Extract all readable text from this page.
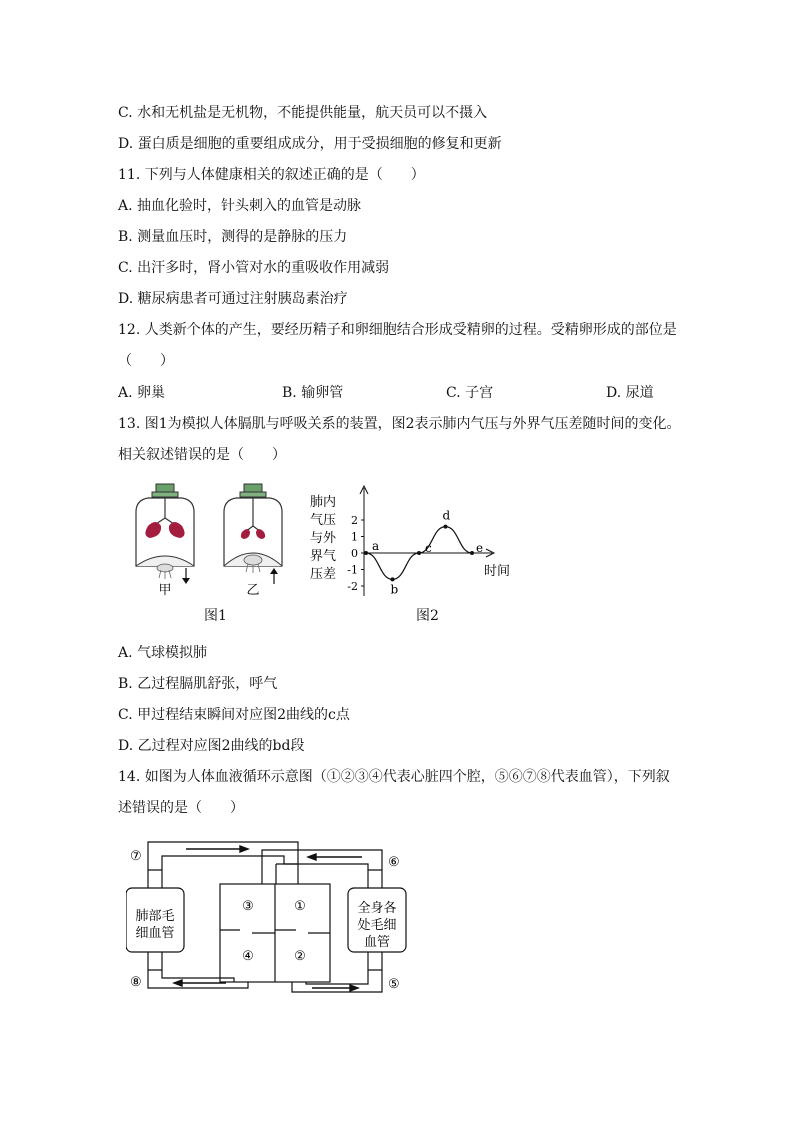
C. 水和无机盐是无机物，不能提供能量，航天员可以不摄入
D. 蛋白质是细胞的重要组成成分，用于受损细胞的修复和更新
11. 下列与人体健康相关的叙述正确的是（　　）
A. 抽血化验时，针头刺入的血管是动脉
B. 测量血压时，测得的是静脉的压力
C. 出汗多时，肾小管对水的重吸收作用减弱
D. 糖尿病患者可通过注射胰岛素治疗
12. 人类新个体的产生，要经历精子和卵细胞结合形成受精卵的过程。受精卵形成的部位是
（　　）
A. 卵巢	B. 输卵管	C. 子宫	D. 尿道
13. 图1为模拟人体膈肌与呼吸关系的装置，图2表示肺内气压与外界气压差随时间的变化。
相关叙述错误的是（　　）
甲	乙
图1
肺内
气压
与外
界气
压差
2
1
0
-1
-2
a
b
c
d
e
时间
图2
A. 气球模拟肺
B. 乙过程膈肌舒张，呼气
C. 甲过程结束瞬间对应图2曲线的c点
D. 乙过程对应图2曲线的bd段
14. 如图为人体血液循环示意图（①②③④代表心脏四个腔，⑤⑥⑦⑧代表血管），下列叙
述错误的是（　　）
⑦	⑥
⑧	⑤
③	①
④	②
肺部毛
细血管
全身各
处毛细
血管
